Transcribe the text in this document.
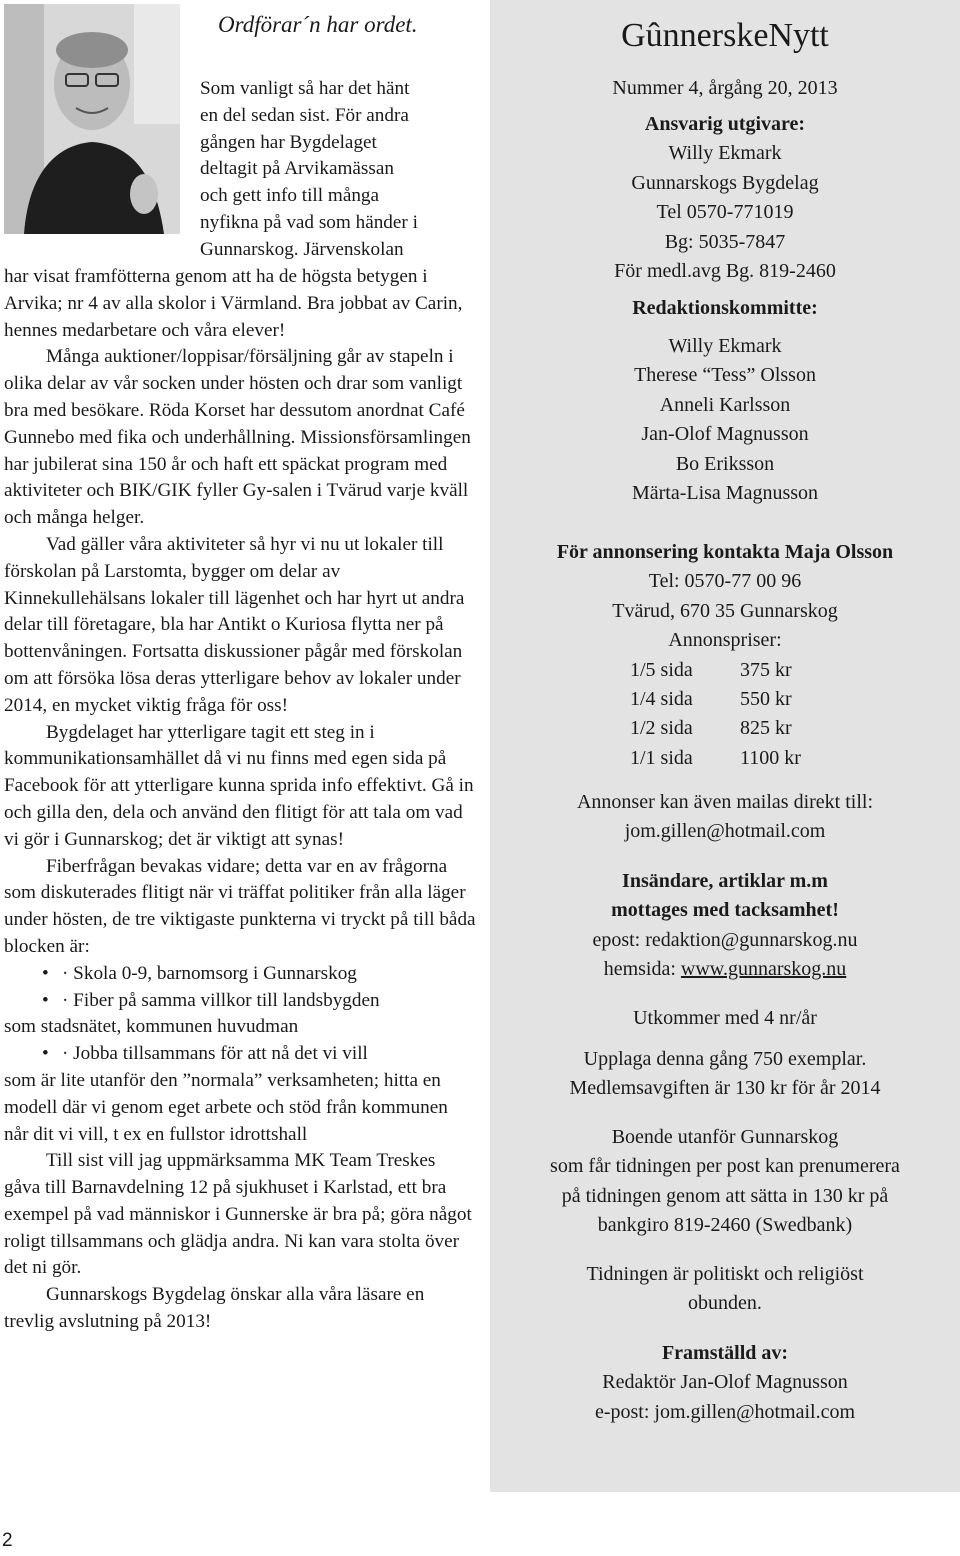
Ordförar´n har ordet.
Som vanligt så har det hänt
en del sedan sist. För andra
gången har Bygdelaget
deltagit på Arvikamässan
och gett info till många
nyfikna på vad som händer i
Gunnarskog. Järvenskolan

har visat framfötterna genom att ha de högsta betygen i Arvika; nr 4 av alla skolor i Värmland. Bra jobbat av Carin, hennes medarbetare och våra elever!

Många auktioner/loppisar/försäljning går av stapeln i olika delar av vår socken under hösten och drar som vanligt bra med besökare. Röda Korset har dessutom anordnat Café Gunnebo med fika och underhållning. Missionsförsamlingen har jubilerat sina 150 år och haft ett späckat program med aktiviteter och BIK/GIK fyller Gy-salen i Tvärud varje kväll och många helger.

Vad gäller våra aktiviteter så hyr vi nu ut lokaler till förskolan på Larstomta, bygger om delar av Kinnekullehälsans lokaler till lägenhet och har hyrt ut andra delar till företagare, bla har Antikt o Kuriosa flytta ner på bottenvåningen. Fortsatta diskussioner pågår med förskolan om att försöka lösa deras ytterligare behov av lokaler under 2014, en mycket viktig fråga för oss!

Bygdelaget har ytterligare tagit ett steg in i kommunikationsamhället då vi nu finns med egen sida på Facebook för att ytterligare kunna sprida info effektivt. Gå in och gilla den, dela och använd den flitigt för att tala om vad vi gör i Gunnarskog; det är viktigt att synas!

Fiberfrågan bevakas vidare; detta var en av frågorna som diskuterades flitigt när vi träffat politiker från alla läger under hösten, de tre viktigaste punkterna vi tryckt på till båda blocken är:

• · Skola 0-9, barnomsorg i Gunnarskog
• · Fiber på samma villkor till landsbygden

som stadsnätet, kommunen huvudman

• · Jobba tillsammans för att nå det vi vill

som är lite utanför den ”normala” verksamheten; hitta en modell där vi genom eget arbete och stöd från kommunen når dit vi vill, t ex en fullstor idrottshall

Till sist vill jag uppmärksamma MK Team Treskes gåva till Barnavdelning 12 på sjukhuset i Karlstad, ett bra exempel på vad människor i Gunnerske är bra på; göra något roligt tillsammans och glädja andra. Ni kan vara stolta över det ni gör.

Gunnarskogs Bygdelag önskar alla våra läsare en trevlig avslutning på 2013!

GûnnerskeNytt
Nummer 4, årgång 20, 2013
Ansvarig utgivare:
Willy Ekmark
Gunnarskogs Bygdelag
Tel 0570-771019
Bg: 5035-7847
För medl.avg Bg. 819-2460
Redaktionskommitte:
Willy Ekmark
Therese “Tess” Olsson
Anneli Karlsson
Jan-Olof Magnusson
Bo Eriksson
Märta-Lisa Magnusson
För annonsering kontakta Maja Olsson
Tel: 0570-77 00 96
Tvärud, 670 35 Gunnarskog
Annonspriser:
1/5 sida	375 kr
1/4 sida	550 kr
1/2 sida	825 kr
1/1 sida	1100 kr
Annonser kan även mailas direkt till:
jom.gillen@hotmail.com
Insändare, artiklar m.m
mottages med tacksamhet!
epost: redaktion@gunnarskog.nu
hemsida: www.gunnarskog.nu
Utkommer med 4 nr/år
Upplaga denna gång 750 exemplar.
Medlemsavgiften är 130 kr för år 2014
Boende utanför Gunnarskog
som får tidningen per post kan prenumerera
på tidningen genom att sätta in 130 kr på
bankgiro 819-2460 (Swedbank)
Tidningen är politiskt och religiöst
obunden.
Framställd av:
Redaktör Jan-Olof Magnusson
e-post: jom.gillen@hotmail.com
2
